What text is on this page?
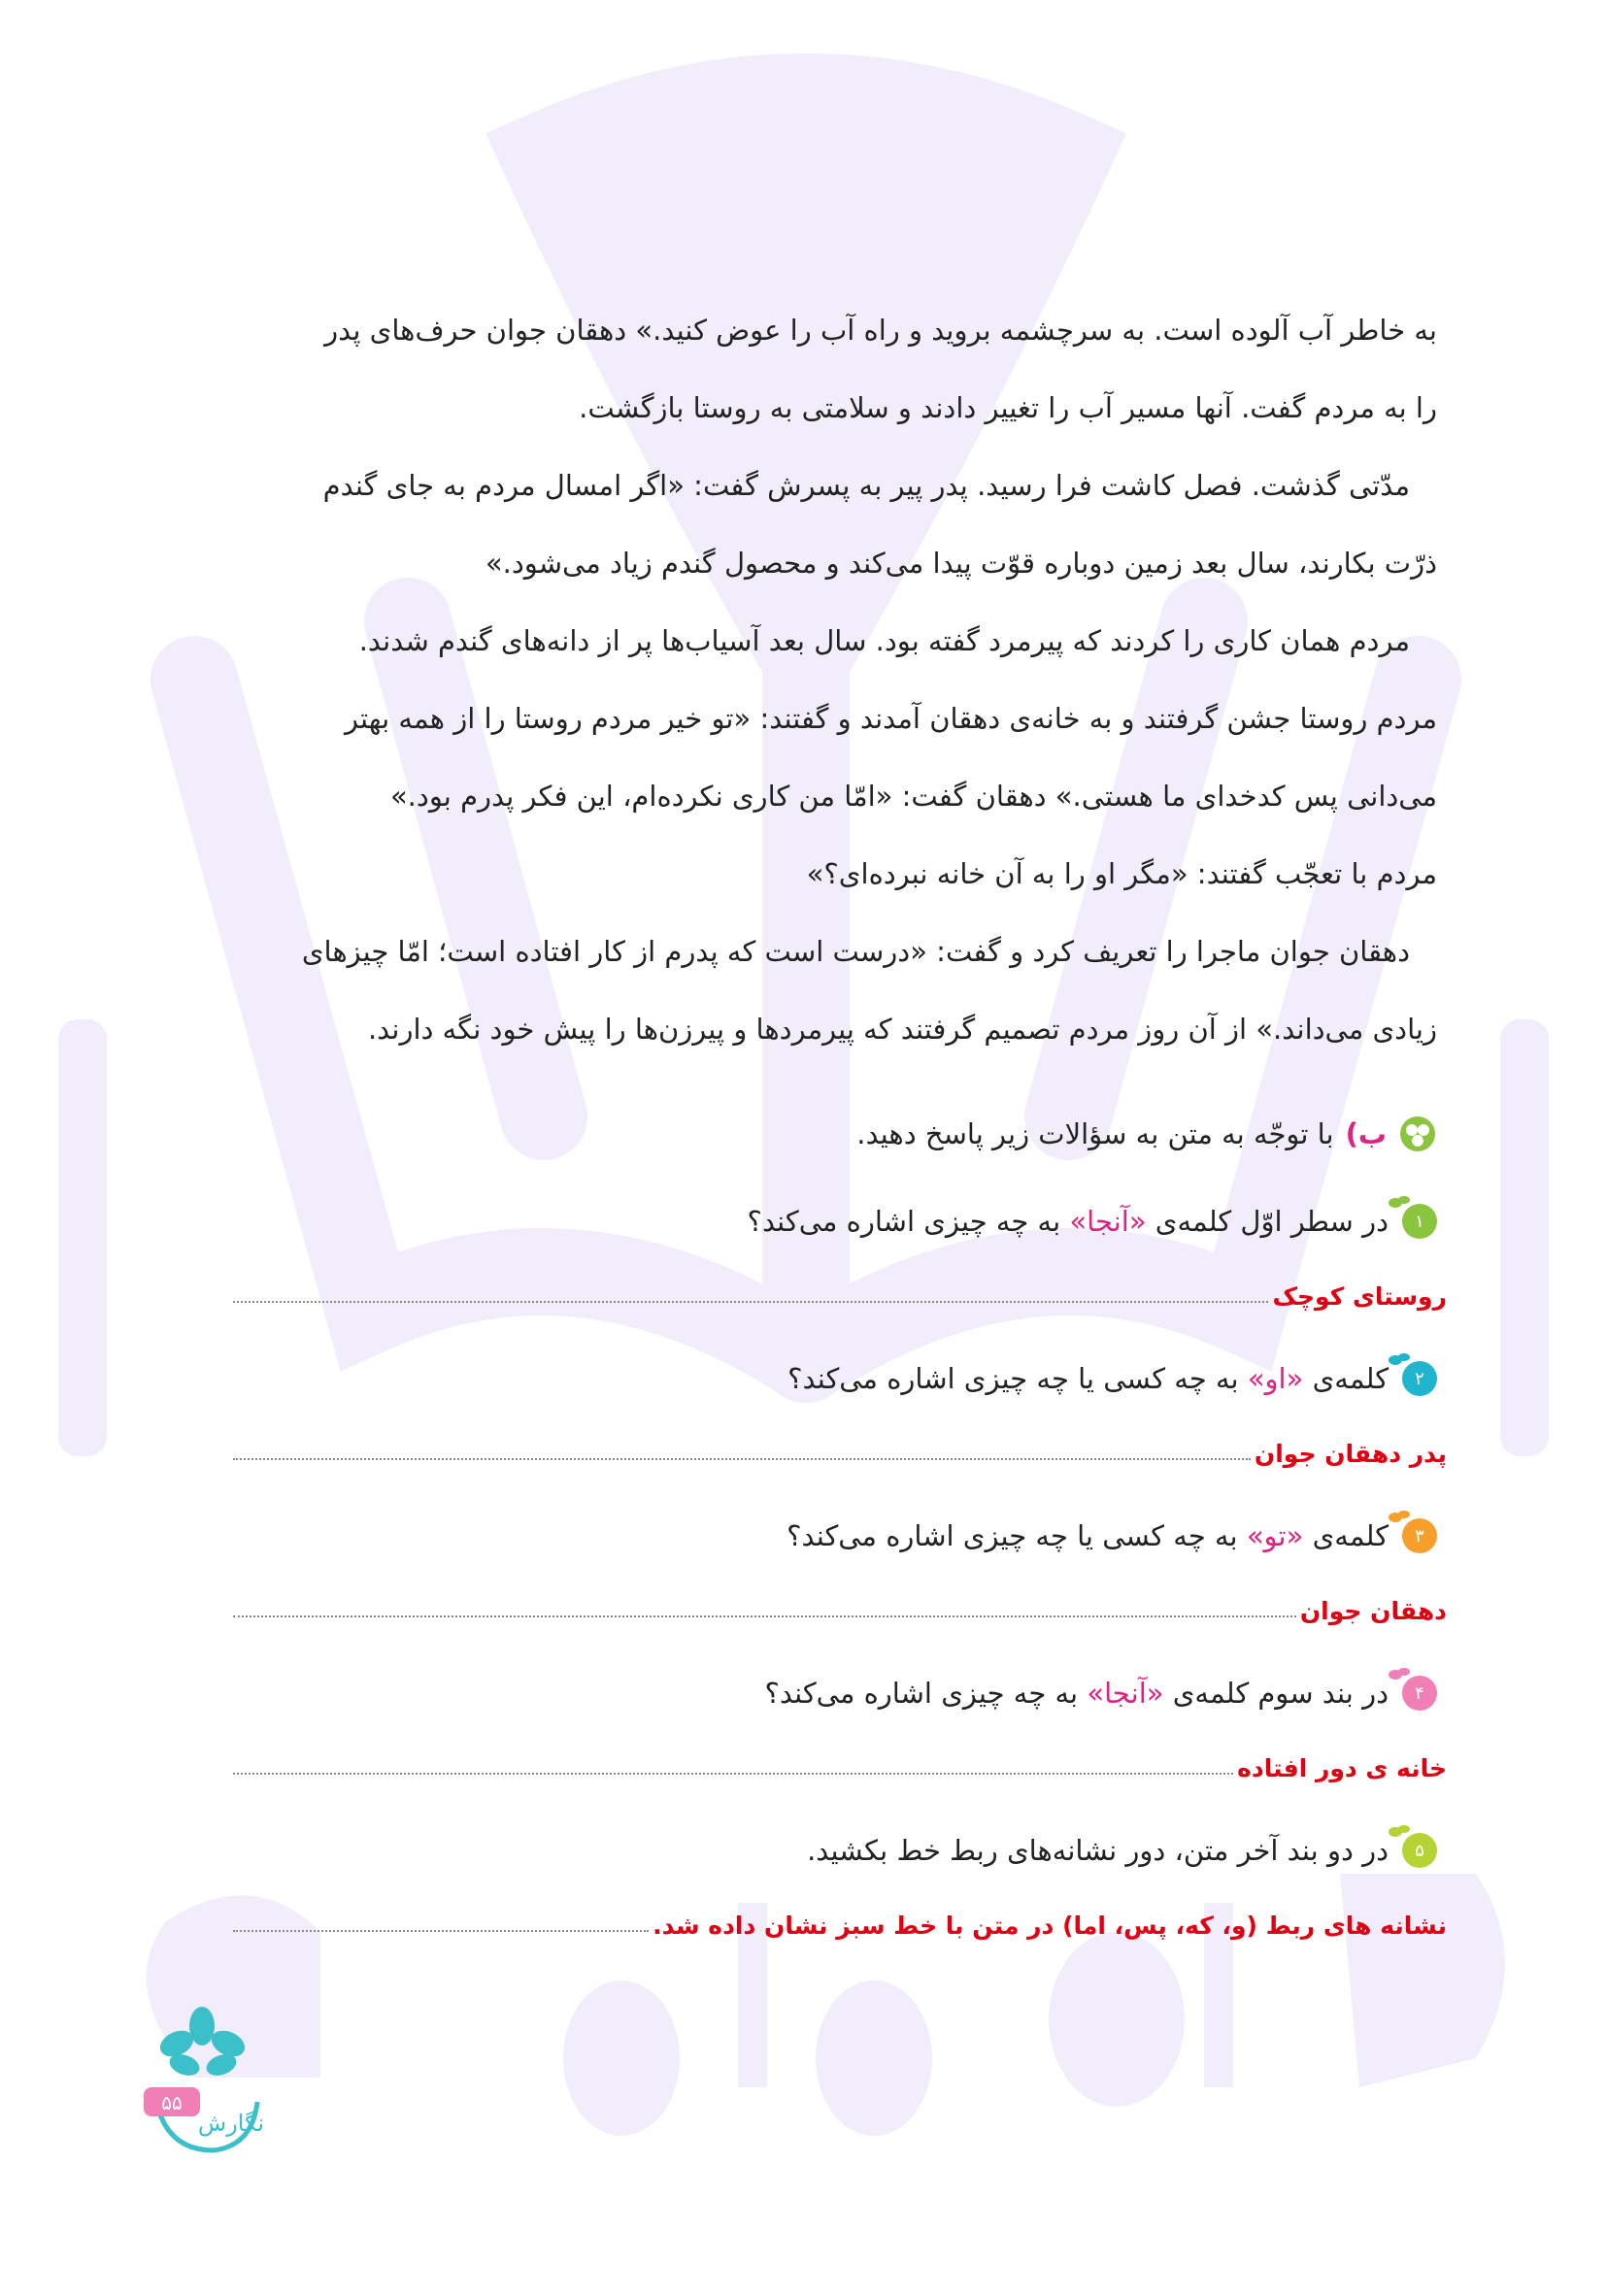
به خاطر آب آلوده است. به سرچشمه بروید و راه آب را عوض کنید.» دهقان جوان حرف‌های پدر

را به مردم گفت. آنها مسیر آب را تغییر دادند و سلامتی به روستا بازگشت.

مدّتی گذشت. فصل کاشت فرا رسید. پدر پیر به پسرش گفت: «اگر امسال مردم به جای گندم

ذرّت بکارند، سال بعد زمین دوباره قوّت پیدا می‌کند و محصول گندم زیاد می‌شود.»

مردم همان کاری را کردند که پیرمرد گفته بود. سال بعد آسیاب‌ها پر از دانه‌های گندم شدند.

مردم روستا جشن گرفتند و به خانه‌ی دهقان آمدند و گفتند: «تو خیر مردم روستا را از همه بهتر

می‌دانی پس کدخدای ما هستی.» دهقان گفت: «امّا من کاری نکرده‌ام، این فکر پدرم بود.»

مردم با تعجّب گفتند: «مگر او را به آن خانه نبرده‌ای؟»

دهقان جوان ماجرا را تعریف کرد و گفت: «درست است که پدرم از کار افتاده است؛ امّا چیزهای

زیادی می‌داند.» از آن روز مردم تصمیم گرفتند که پیرمردها و پیرزن‌ها را پیش خود نگه دارند.

ب)
با توجّه به متن به سؤالات زیر پاسخ دهید.
۱
در سطر اوّل کلمه‌ی «آنجا» به چه چیزی اشاره می‌کند؟
روستای کوچک
۲
کلمه‌ی «او» به چه کسی یا چه چیزی اشاره می‌کند؟
پدر دهقان جوان
۳
کلمه‌ی «تو» به چه کسی یا چه چیزی اشاره می‌کند؟
دهقان جوان
۴
در بند سوم کلمه‌ی «آنجا» به چه چیزی اشاره می‌کند؟
خانه ی دور افتاده
۵
در دو بند آخر متن، دور نشانه‌های ربط خط بکشید.
نشانه های ربط (و، که، پس، اما) در متن با خط سبز نشان داده شد.
۵۵
نگارش
